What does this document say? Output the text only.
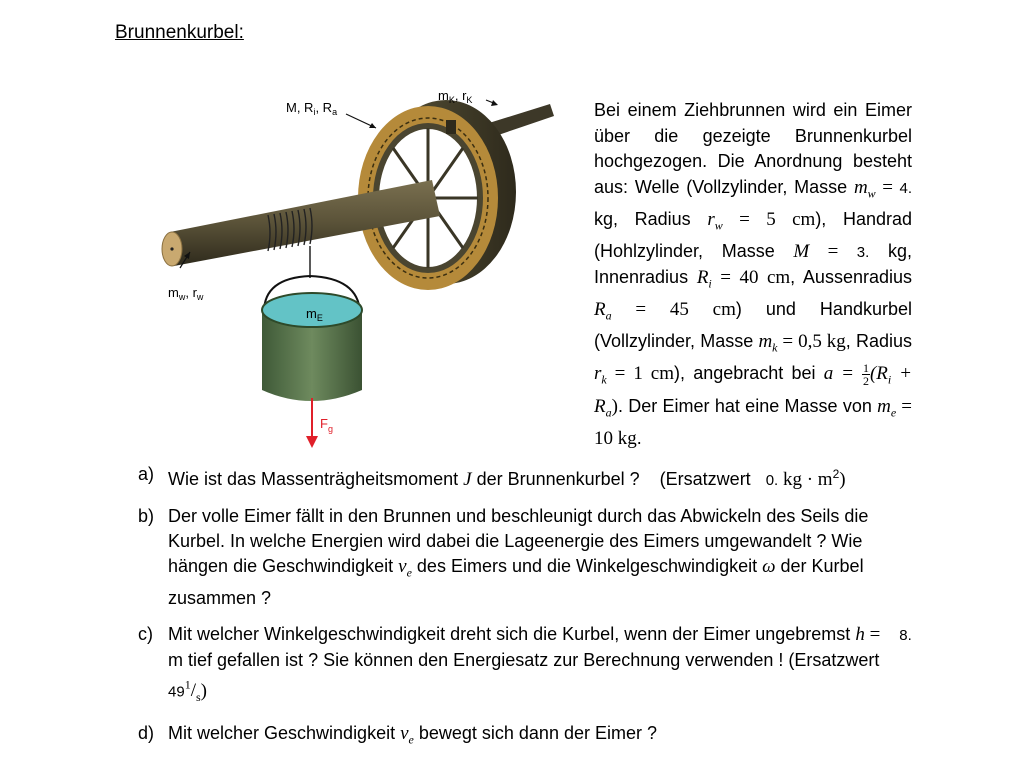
Brunnenkurbel:
M, $R_i$, $R_a$
$m_K$, $r_K$
$m_w$, $r_w$
$m_E$
$F_g$
Bei einem Ziehbrunnen wird ein Eimer über die gezeigte Brunnenkurbel hochgezogen. Die Anordnung besteht aus: Welle (Vollzylinder, Masse $m_w = 4$. kg, Radius $r_w = 5$ cm), Handrad (Hohlzylinder, Masse M = 3. kg, Innenradius $R_i = 40$ cm, Aussenradius $R_a = 45$ cm) und Handkurbel (Vollzylinder, Masse $m_k = 0,5$ kg, Radius $r_k = 1$ cm), angebracht bei $a = \frac{1}{2} (R_i + R_a)$. Der Eimer hat eine Masse von $m_e = 10$ kg.
a) Wie ist das Massenträgheitsmoment J der Brunnenkurbel ?    (Ersatzwert   0. kg · $m^2$)
b) Der volle Eimer fällt in den Brunnen und beschleunigt durch das Abwickeln des Seils die Kurbel. In welche Energien wird dabei die Lageenergie des Eimers umgewandelt ? Wie hängen die Geschwindigkeit $v_e$ des Eimers und die Winkelgeschwindigkeit ω der Kurbel zusammen ?
c) Mit welcher Winkelgeschwindigkeit dreht sich die Kurbel, wenn der Eimer ungebremst h =    8. m tief gefallen ist ? Sie können den Energiesatz zur Berechnung verwenden ! (Ersatzwert    $49^1/_s$)
d) Mit welcher Geschwindigkeit $v_e$ bewegt sich dann der Eimer ?
